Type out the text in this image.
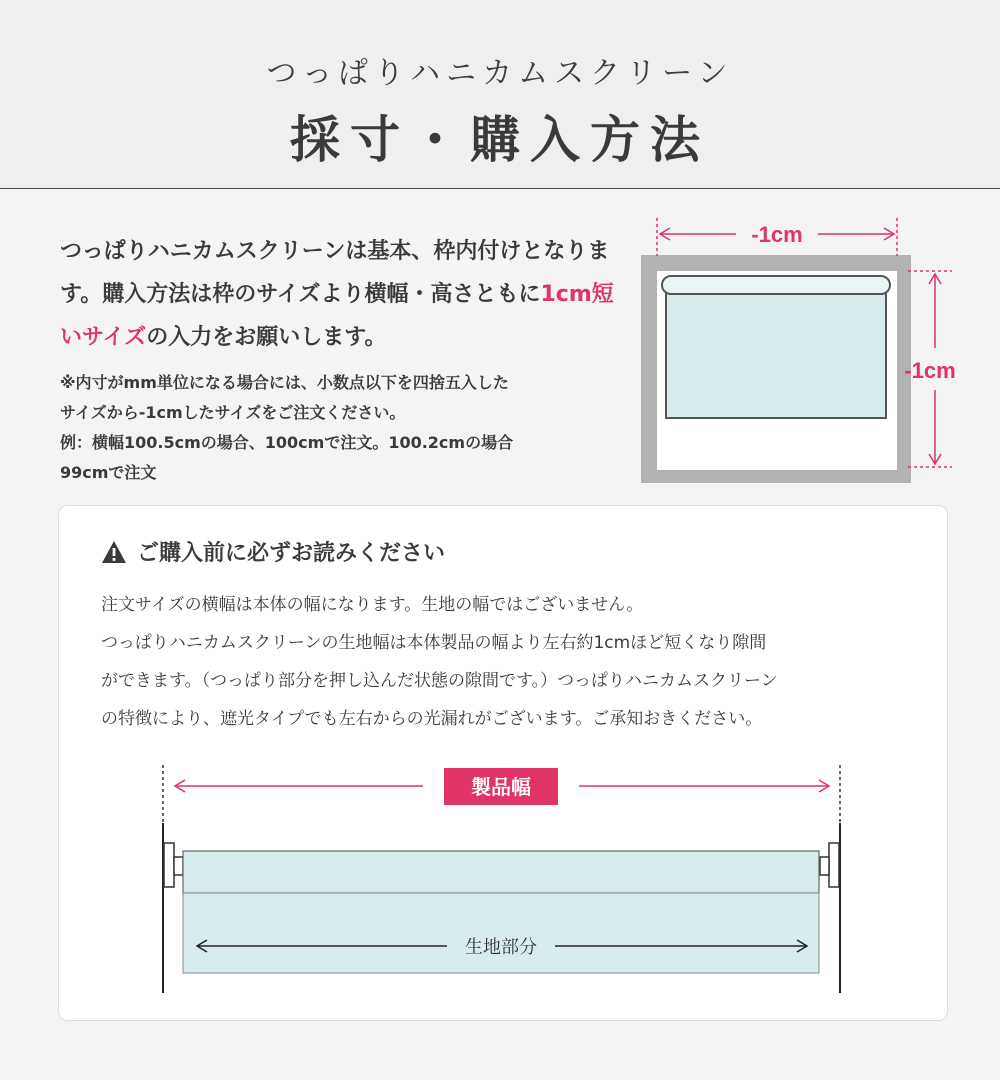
つっぱりハニカムスクリーン
採寸・購入方法
つっぱりハニカムスクリーンは基本、枠内付けとなります。購入方法は枠のサイズより横幅・高さともに1cm短いサイズの入力をお願いします。
※内寸がmm単位になる場合には、小数点以下を四捨五入した
サイズから-1cmしたサイズをご注文ください。
例：横幅100.5cmの場合、100cmで注文。100.2cmの場合
99cmで注文
-1cm
-1cm
ご購入前に必ずお読みください
注文サイズの横幅は本体の幅になります。生地の幅ではございません。
つっぱりハニカムスクリーンの生地幅は本体製品の幅より左右約1cmほど短くなり隙間
ができます。（つっぱり部分を押し込んだ状態の隙間です。）つっぱりハニカムスクリーン
の特徴により、遮光タイプでも左右からの光漏れがございます。ご承知おきください。
製品幅
生地部分
